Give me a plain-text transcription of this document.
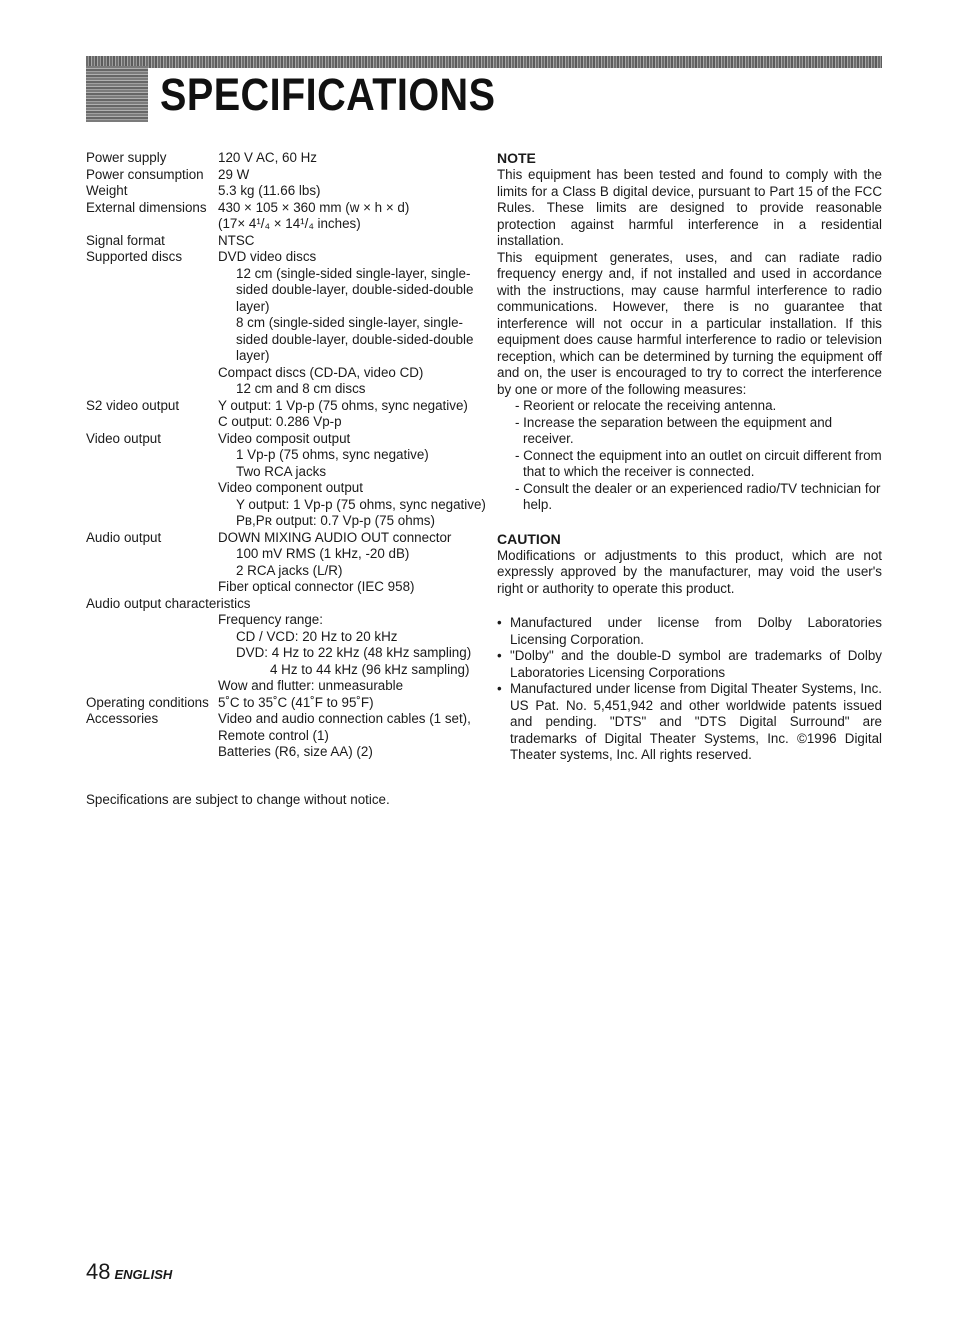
SPECIFICATIONS
Power supply	120 V AC, 60 Hz
Power consumption 29 W
Weight	5.3 kg (11.66 lbs)
External dimensions 430 × 105 × 360 mm (w × h × d)
(17× 4¹/₄ × 14¹/₄ inches)
Signal format	NTSC
Supported discs	DVD video discs
12 cm (single-sided single-layer, single-
sided double-layer, double-sided-double
layer)
8 cm (single-sided single-layer, single-
sided double-layer, double-sided-double
layer)
Compact discs (CD-DA, video CD)
12 cm and 8 cm discs
S2 video output	Y output: 1 Vp-p (75 ohms, sync negative)
C output: 0.286 Vp-p
Video output	Video composit output
1 Vp-p (75 ohms, sync negative)
Two RCA jacks
Video component output
Y output: 1 Vp-p (75 ohms, sync negative)
Pʙ,Pʀ output: 0.7 Vp-p (75 ohms)
Audio output	DOWN MIXING AUDIO OUT connector
100 mV RMS (1 kHz, -20 dB)
2 RCA jacks (L/R)
Fiber optical connector (IEC 958)
Audio output characteristics
Frequency range:
CD / VCD: 20 Hz to 20 kHz
DVD: 4 Hz to 22 kHz (48 kHz sampling)
4 Hz to 44 kHz (96 kHz sampling)
Wow and flutter: unmeasurable
Operating conditions 5˚C to 35˚C (41˚F to 95˚F)
Accessories	Video and audio connection cables (1 set),
Remote control (1)
Batteries (R6, size AA) (2)
Specifications are subject to change without notice.
NOTE

This equipment has been tested and found to comply with the limits for a Class B digital device, pursuant to Part 15 of the FCC Rules. These limits are designed to provide reasonable protection against harmful interference in a residential installation.

This equipment generates, uses, and can radiate radio frequency energy and, if not installed and used in accordance with the instructions, may cause harmful interference to radio communications. However, there is no guarantee that interference will not occur in a particular installation. If this equipment does cause harmful interference to radio or television reception, which can be determined by turning the equipment off and on, the user is encouraged to try to correct the interference by one or more of the following measures:

- Reorient or relocate the receiving antenna.
- Increase the separation between the equipment and receiver.
- Connect the equipment into an outlet on circuit different from that to which the receiver is connected.
- Consult the dealer or an experienced radio/TV technician for help.
CAUTION

Modifications or adjustments to this product, which are not expressly approved by the manufacturer, may void the user's right or authority to operate this product.

• Manufactured under license from Dolby Laboratories Licensing Corporation.
• "Dolby" and the double-D symbol are trademarks of Dolby Laboratories Licensing Corporations
• Manufactured under license from Digital Theater Systems, Inc. US Pat. No. 5,451,942 and other worldwide patents issued and pending. "DTS" and "DTS Digital Surround" are trademarks of Digital Theater Systems, Inc. ©1996 Digital Theater systems, Inc. All rights reserved.
48 ENGLISH
